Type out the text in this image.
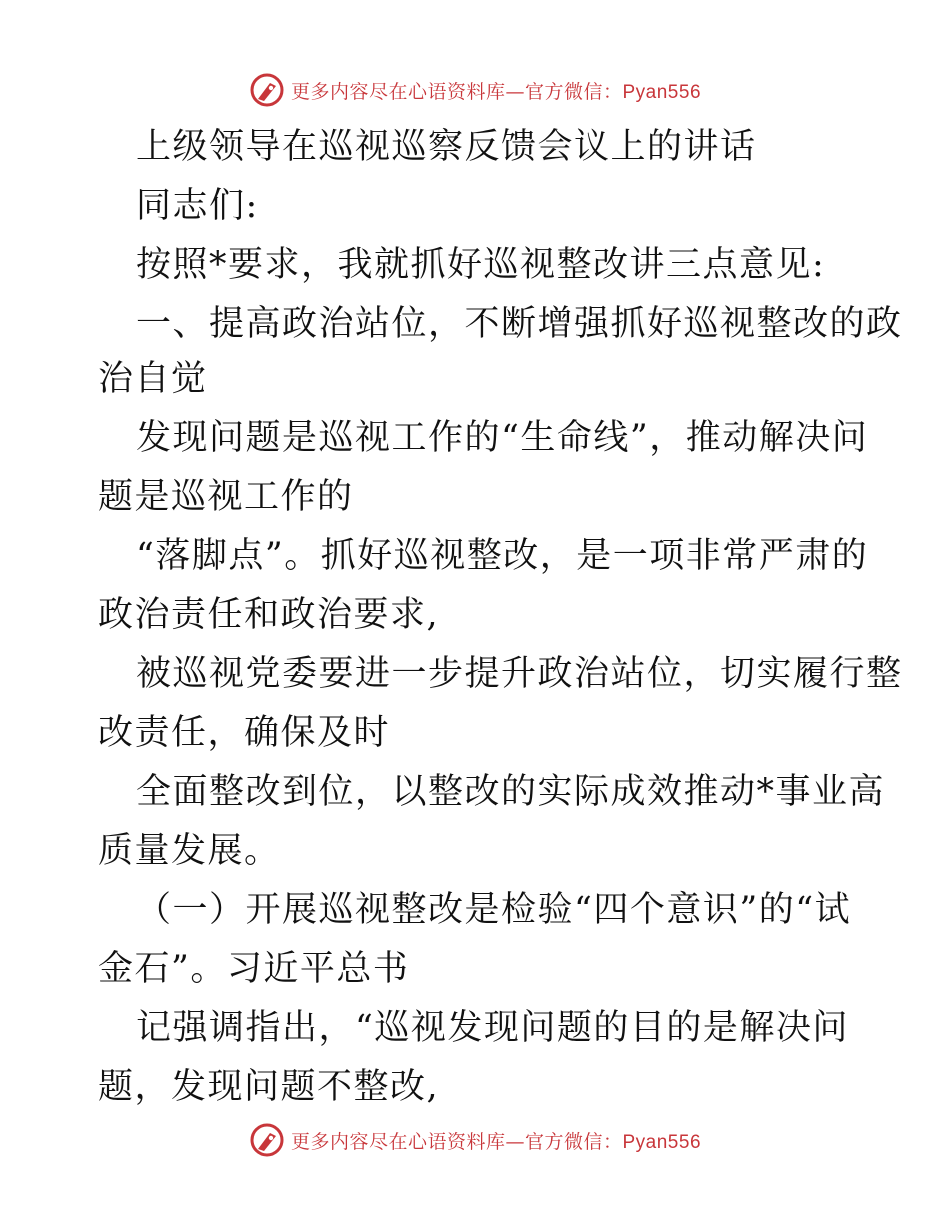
更多内容尽在心语资料库—官方微信：Pyan556
上级领导在巡视巡察反馈会议上的讲话
同志们:
按照*要求，我就抓好巡视整改讲三点意见:
一、提高政治站位，不断增强抓好巡视整改的政
治自觉
发现问题是巡视工作的“生命线”，推动解决问
题是巡视工作的
“落脚点”。抓好巡视整改，是一项非常严肃的
政治责任和政治要求,
被巡视党委要进一步提升政治站位，切实履行整
改责任，确保及时
全面整改到位，以整改的实际成效推动*事业高
质量发展。
（一）开展巡视整改是检验“四个意识”的“试
金石”。习近平总书
记强调指出，“巡视发现问题的目的是解决问
题，发现问题不整改,
更多内容尽在心语资料库—官方微信：Pyan556
